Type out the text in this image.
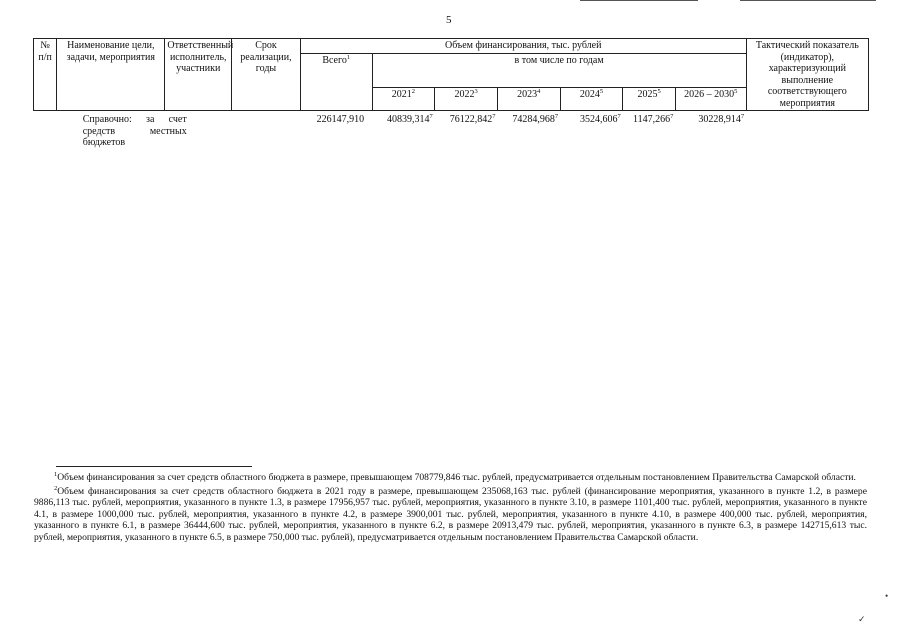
5
№ п/п	Наименование цели, задачи, мероприятия	Ответственный исполнитель, участники	Срок реализации, годы	Объем финансирования, тыс. рублей							Тактический показатель (индикатор), характеризующий выполнение соответствующего мероприятия
				Всего$^1$	в том числе по годам						
					2021$^2$	2022$^3$	2023$^4$	2024$^5$	2025$^5$	2026 – 2030$^5$

	Справочно: за счет средств местных бюджетов			226147,910	40839,314$^7$	76122,842$^7$	74284,968$^7$	3524,606$^7$	1147,266$^7$	30228,914$^7$	

$^1$Объем финансирования за счет средств областного бюджета в размере, превышающем 708779,846 тыс. рублей, предусматривается отдельным постановлением Правительства Самарской области.

$^2$Объем финансирования за счет средств областного бюджета в 2021 году в размере, превышающем 235068,163 тыс. рублей (финансирование мероприятия, указанного в пункте 1.2, в размере 9886,113 тыс. рублей, мероприятия, указанного в пункте 1.3, в размере 17956,957 тыс. рублей, мероприятия, указанного в пункте 3.10, в размере 1101,400 тыс. рублей, мероприятия, указанного в пункте 4.1, в размере 1000,000 тыс. рублей, мероприятия, указанного в пункте 4.2, в размере 3900,001 тыс. рублей, мероприятия, указанного в пункте 4.10, в размере 400,000 тыс. рублей, мероприятия, указанного в пункте 6.1, в размере 36444,600 тыс. рублей, мероприятия, указанного в пункте 6.2, в размере 20913,479 тыс. рублей, мероприятия, указанного в пункте 6.3, в размере 142715,613 тыс. рублей, мероприятия, указанного в пункте 6.5, в размере 750,000 тыс. рублей), предусматривается отдельным постановлением Правительства Самарской области.

•
✓
